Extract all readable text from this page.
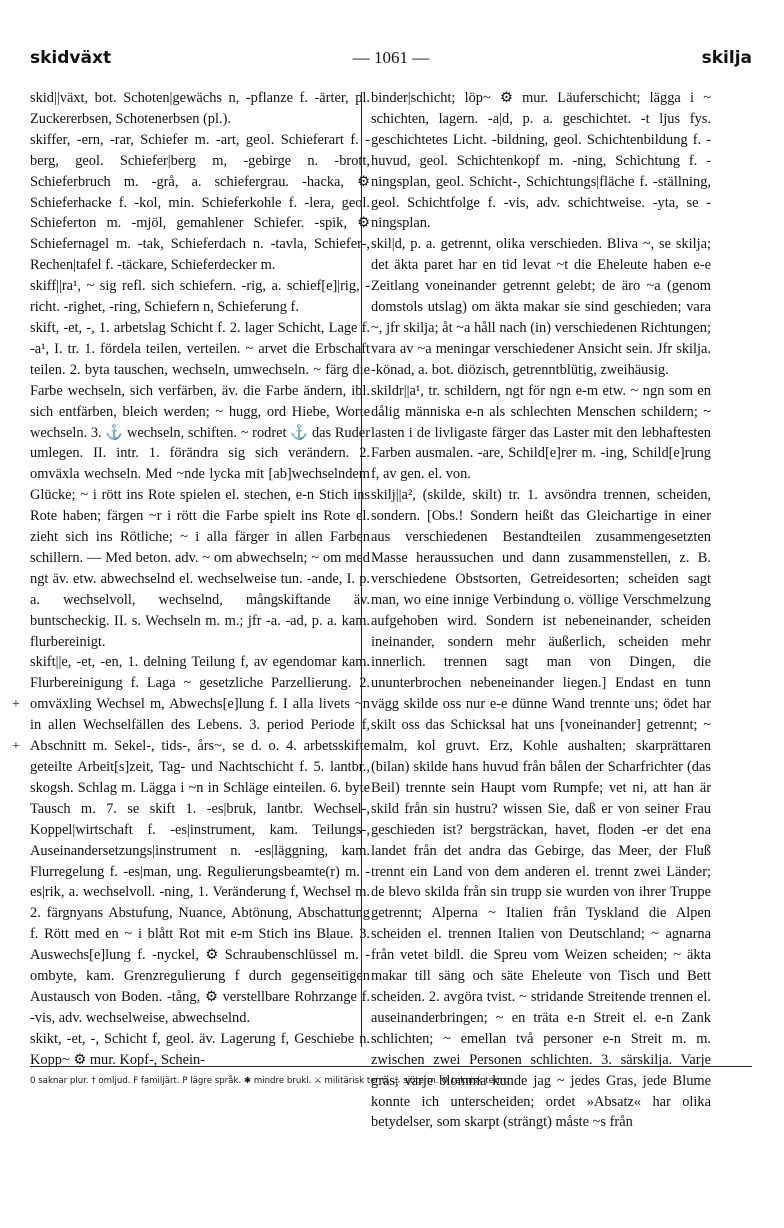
skidväxt	— 1061 —	skilja

skid||växt, bot. Schoten|gewächs n, -pflanze f. -ärter, pl. Zuckererbsen, Schotenerbsen (pl.).

skiffer, -ern, -rar, Schiefer m. -art, geol. Schieferart f. -berg, geol. Schiefer|berg m, -gebirge n. -brott, Schieferbruch m. -grå, a. schiefergrau. -hacka, ⚙ Schieferhacke f. -kol, min. Schieferkohle f. -lera, geol. Schieferton m. -mjöl, gemahlener Schiefer. -spik, ⚙ Schiefernagel m. -tak, Schieferdach n. -tavla, Schiefer-, Rechen|tafel f. -täckare, Schieferdecker m.

skiff||ra¹, ~ sig refl. sich schiefern. -rig, a. schief[e]|rig, -richt. -righet, -ring, Schiefern n, Schieferung f.

skift, -et, -, 1. arbetslag Schicht f. 2. lager Schicht, Lage f. -a¹, I. tr. 1. fördela teilen, verteilen. ~ arvet die Erbschaft teilen. 2. byta tauschen, wechseln, umwechseln. ~ färg die Farbe wechseln, sich verfärben, äv. die Farbe ändern, ibl. sich entfärben, bleich werden; ~ hugg, ord Hiebe, Worte wechseln. 3. ⚓ wechseln, schiften. ~ rodret ⚓ das Ruder umlegen. II. intr. 1. förändra sig sich verändern. 2. omväxla wechseln. Med ~nde lycka mit [ab]wechselndem Glücke; ~ i rött ins Rote spielen el. stechen, e-n Stich ins Rote haben; färgen ~r i rött die Farbe spielt ins Rote el. zieht sich ins Rötliche; ~ i alla färger in allen Farben schillern. — Med beton. adv. ~ om abwechseln; ~ om med ngt äv. etw. abwechselnd el. wechselweise tun. -ande, I. p. a. wechselvoll, wechselnd, mångskiftande äv. buntscheckig. II. s. Wechseln m. m.; jfr -a. -ad, p. a. kam. flurbereinigt.

skift||e, -et, -en, 1. delning Teilung f, av egendomar kam. Flurbereinigung f. Laga ~ gesetzliche Parzellierung. 2. omväxling Wechsel m, Abwechs[e]lung f. I alla livets ~n in allen Wechselfällen des Lebens. 3. period Periode f, Abschnitt m. Sekel-, tids-, års~, se d. o. 4. arbetsskifte geteilte Arbeit[s]zeit, Tag- und Nachtschicht f. 5. lantbr., skogsh. Schlag m. Lägga i ~n in Schläge einteilen. 6. byte Tausch m. 7. se skift 1. -es|bruk, lantbr. Wechsel-, Koppel|wirtschaft f. -es|instrument, kam. Teilungs-, Auseinandersetzungs|instrument n. -es|läggning, kam. Flurregelung f. -es|man, ung. Regulierungsbeamte(r) m. -es|rik, a. wechselvoll. -ning, 1. Veränderung f, Wechsel m. 2. färgnyans Abstufung, Nuance, Abtönung, Abschattung f. Rött med en ~ i blått Rot mit e-m Stich ins Blaue. 3. Auswechs[e]lung f. -nyckel, ⚙ Schraubenschlüssel m. -ombyte, kam. Grenzregulierung f durch gegenseitigen Austausch von Boden. -tång, ⚙ verstellbare Rohrzange f. -vis, adv. wechselweise, abwechselnd.

skikt, -et, -, Schicht f, geol. äv. Lagerung f, Geschiebe n. Kopp~ ⚙ mur. Kopf-, Schein-

+
+

binder|schicht; löp~ ⚙ mur. Läuferschicht; lägga i ~ schichten, lagern. -a|d, p. a. geschichtet. -t ljus fys. geschichtetes Licht. -bildning, geol. Schichtenbildung f. -huvud, geol. Schichtenkopf m. -ning, Schichtung f. -ningsplan, geol. Schicht-, Schichtungs|fläche f. -ställning, geol. Schichtfolge f. -vis, adv. schichtweise. -yta, se -ningsplan.

skil|d, p. a. getrennt, olika verschieden. Bliva ~, se skilja; det äkta paret har en tid levat ~t die Eheleute haben e-e Zeitlang voneinander getrennt gelebt; de äro ~a (genom domstols utslag) om äkta makar sie sind geschieden; vara ~, jfr skilja; åt ~a håll nach (in) verschiedenen Richtungen; vara av ~a meningar verschiedener Ansicht sein. Jfr skilja. -könad, a. bot. diözisch, getrenntblütig, zweihäusig.

skildr||a¹, tr. schildern, ngt för ngn e-m etw. ~ ngn som en dålig människa e-n als schlechten Menschen schildern; ~ lasten i de livligaste färger das Laster mit den lebhaftesten Farben ausmalen. -are, Schild[e]rer m. -ing, Schild[e]rung f, av gen. el. von.

skilj||a², (skilde, skilt) tr. 1. avsöndra trennen, scheiden, sondern. [Obs.! Sondern heißt das Gleichartige in einer aus verschiedenen Bestandteilen zusammengesetzten Masse heraussuchen und dann zusammenstellen, z. B. verschiedene Obstsorten, Getreidesorten; scheiden sagt man, wo eine innige Verbindung o. völlige Verschmelzung aufgehoben wird. Sondern ist nebeneinander, scheiden ineinander, sondern mehr äußerlich, scheiden mehr innerlich. trennen sagt man von Dingen, die ununterbrochen nebeneinander liegen.] Endast en tunn vägg skilde oss nur e-e dünne Wand trennte uns; ödet har skilt oss das Schicksal hat uns [voneinander] getrennt; ~ malm, kol gruvt. Erz, Kohle aushalten; skarprättaren (bilan) skilde hans huvud från bålen der Scharfrichter (das Beil) trennte sein Haupt vom Rumpfe; vet ni, att han är skild från sin hustru? wissen Sie, daß er von seiner Frau geschieden ist? bergsträckan, havet, floden -er det ena landet från det andra das Gebirge, das Meer, der Fluß trennt ein Land von dem anderen el. trennt zwei Länder; de blevo skilda från sin trupp sie wurden von ihrer Truppe getrennt; Alperna ~ Italien från Tyskland die Alpen scheiden el. trennen Italien von Deutschland; ~ agnarna från vetet bildl. die Spreu vom Weizen scheiden; ~ äkta makar till säng och säte Eheleute von Tisch und Bett scheiden. 2. avgöra tvist. ~ stridande Streitende trennen el. auseinanderbringen; ~ en träta e-n Streit el. e-n Zank schlichten; ~ emellan två personer e-n Streit m. m. zwischen zwei Personen schlichten. 3. särskilja. Varje gräs, varje blomma kunde jag ~ jedes Gras, jede Blume konnte ich unterscheiden; ordet »Absatz« har olika betydelser, som skarpt (strängt) måste ~s från

0 saknar plur. † omljud. F familjärt. P lägre språk. ✱ mindre brukl. ⚔ militärisk term. ⚓ sjöterm. ⚙ teknisk term.
